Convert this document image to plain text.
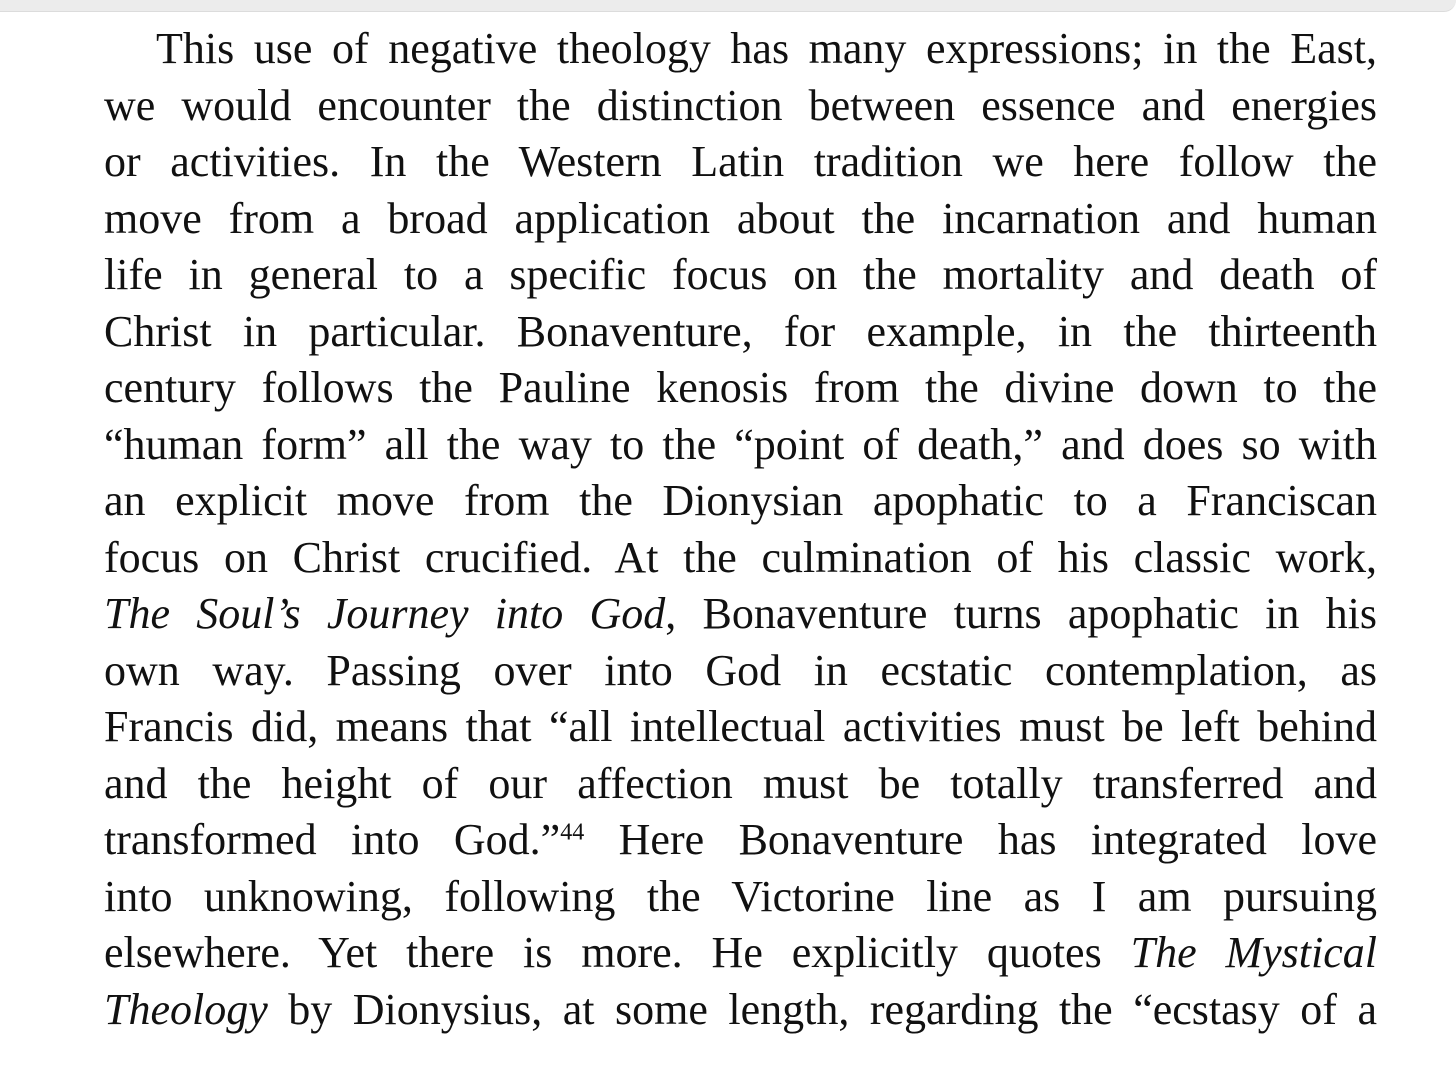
This use of negative theology has many expressions; in the East,
we would encounter the distinction between essence and energies
or activities. In the Western Latin tradition we here follow the
move from a broad application about the incarnation and human
life in general to a specific focus on the mortality and death of
Christ in particular. Bonaventure, for example, in the thirteenth
century follows the Pauline kenosis from the divine down to the
“human form” all the way to the “point of death,” and does so with
an explicit move from the Dionysian apophatic to a Franciscan
focus on Christ crucified. At the culmination of his classic work,
The Soul’s Journey into God, Bonaventure turns apophatic in his
own way. Passing over into God in ecstatic contemplation, as
Francis did, means that “all intellectual activities must be left behind
and the height of our affection must be totally transferred and
transformed into God.”$^{44}$ Here Bonaventure has integrated love
into unknowing, following the Victorine line as I am pursuing
elsewhere. Yet there is more. He explicitly quotes The Mystical
Theology by Dionysius, at some length, regarding the “ecstasy of a
